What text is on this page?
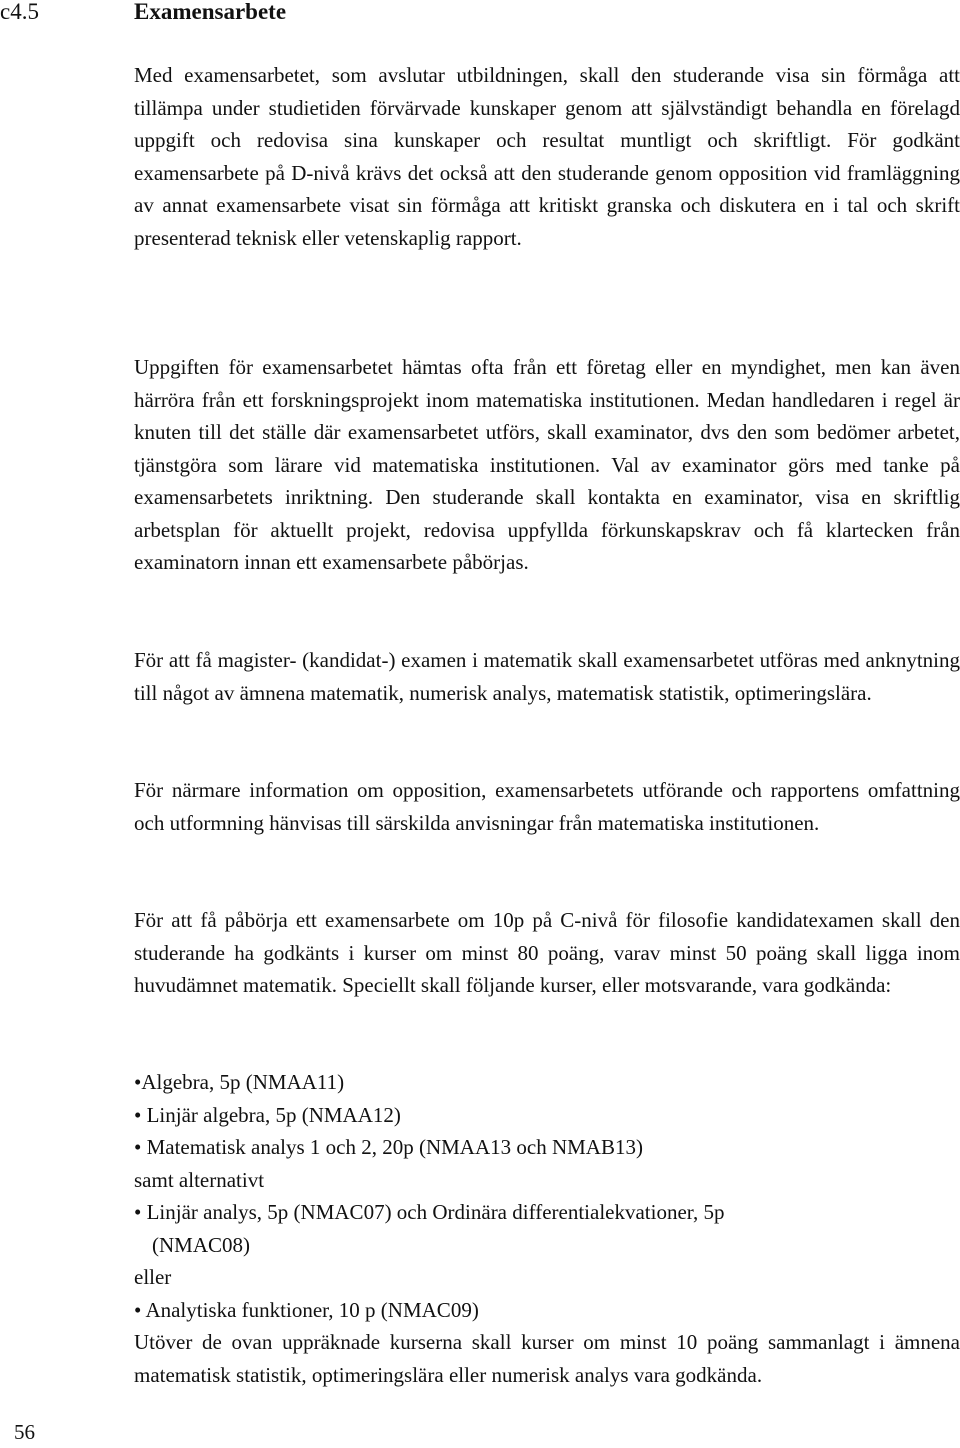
c4.5	Examensarbete

Med examensarbetet, som avslutar utbildningen, skall den studerande visa sin förmåga att tillämpa under studietiden förvärvade kunskaper genom att självständigt behandla en förelagd uppgift och redovisa sina kunskaper och resultat muntligt och skriftligt. För godkänt examensarbete på D-nivå krävs det också att den studerande genom opposition vid framläggning av annat examensarbete visat sin förmåga att kritiskt granska och diskutera en i tal och skrift presenterad teknisk eller vetenskaplig rapport.

Uppgiften för examensarbetet hämtas ofta från ett företag eller en myndighet, men kan även härröra från ett forskningsprojekt inom matematiska institutionen. Medan handledaren i regel är knuten till det ställe där examensarbetet utförs, skall examinator, dvs den som bedömer arbetet, tjänstgöra som lärare vid matematiska institutionen. Val av examinator görs med tanke på examensarbetets inriktning. Den studerande skall kontakta en examinator, visa en skriftlig arbetsplan för aktuellt projekt, redovisa uppfyllda förkunskapskrav och få klartecken från examinatorn innan ett examensarbete påbörjas.

För att få magister- (kandidat-) examen i matematik skall examensarbetet utföras med anknytning till något av ämnena matematik, numerisk analys, matematisk statistik, optimeringslära.

För närmare information om opposition, examensarbetets utförande och rapportens omfattning och utformning hänvisas till särskilda anvisningar från matematiska institutionen.

För att få påbörja ett examensarbete om 10p på C-nivå för filosofie kandidatexamen skall den studerande ha godkänts i kurser om minst 80 poäng, varav minst 50 poäng skall ligga inom huvudämnet matematik. Speciellt skall följande kurser, eller motsvarande, vara godkända:

•Algebra, 5p (NMAA11)
• Linjär algebra, 5p (NMAA12)
• Matematisk analys 1 och 2, 20p (NMAA13 och NMAB13)
samt alternativt
• Linjär analys, 5p (NMAC07) och Ordinära differentialekvationer, 5p
(NMAC08)
eller
• Analytiska funktioner, 10 p (NMAC09)

Utöver de ovan uppräknade kurserna skall kurser om minst 10 poäng sammanlagt i ämnena matematisk statistik, optimeringslära eller numerisk analys vara godkända.

56
